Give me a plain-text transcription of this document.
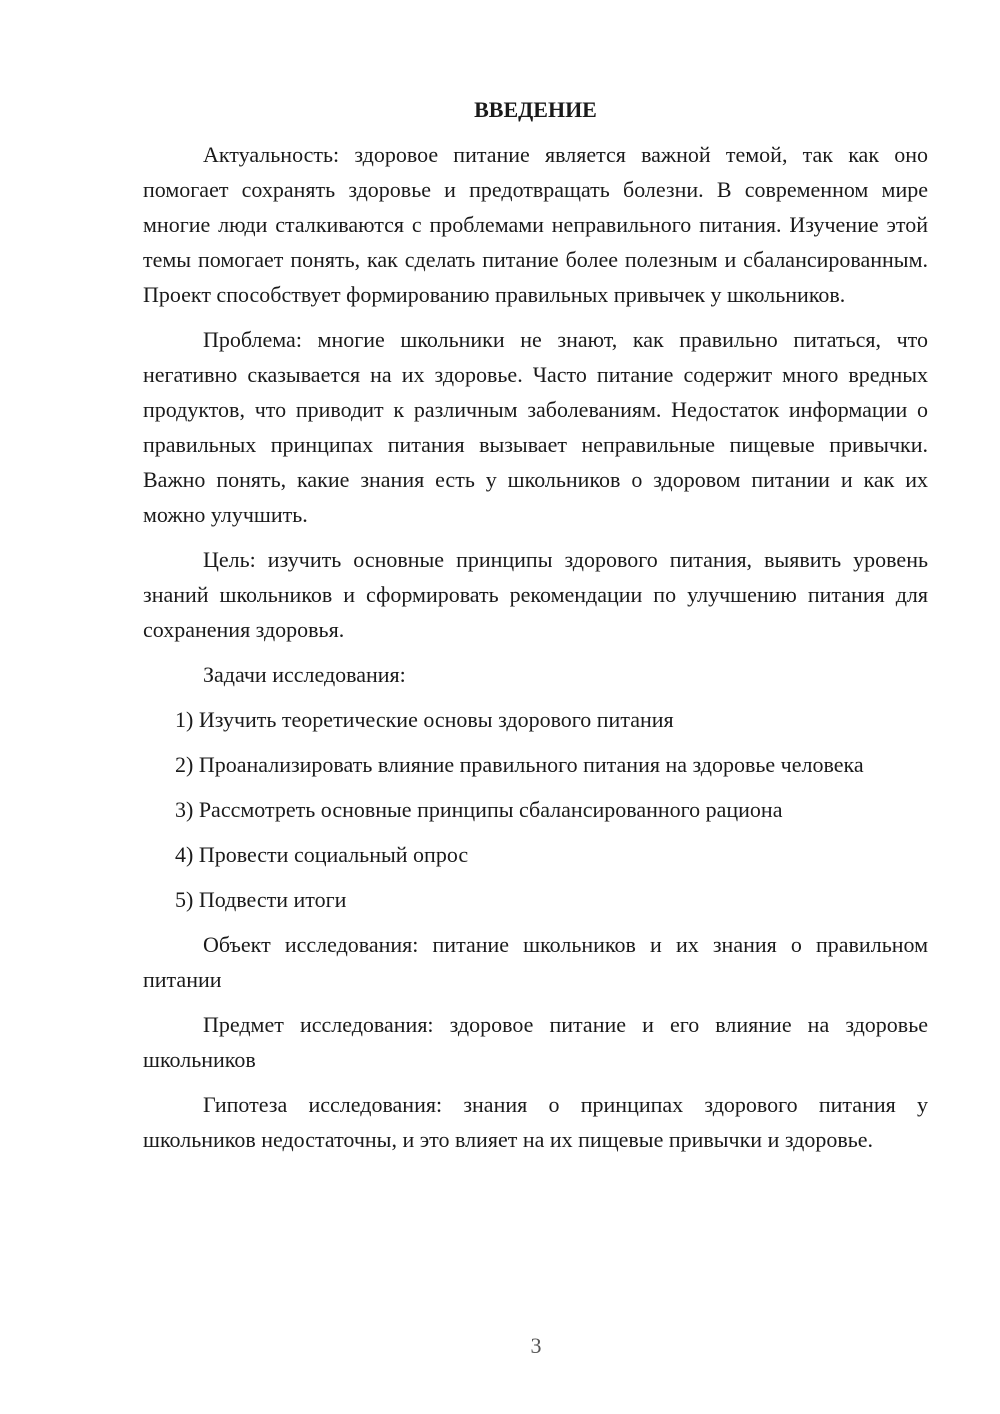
ВВЕДЕНИЕ

Актуальность: здоровое питание является важной темой, так как оно помогает сохранять здоровье и предотвращать болезни. В современном мире многие люди сталкиваются с проблемами неправильного питания. Изучение этой темы помогает понять, как сделать питание более полезным и сбалансированным. Проект способствует формированию правильных привычек у школьников.

Проблема: многие школьники не знают, как правильно питаться, что негативно сказывается на их здоровье. Часто питание содержит много вредных продуктов, что приводит к различным заболеваниям. Недостаток информации о правильных принципах питания вызывает неправильные пищевые привычки. Важно понять, какие знания есть у школьников о здоровом питании и как их можно улучшить.

Цель: изучить основные принципы здорового питания, выявить уровень знаний школьников и сформировать рекомендации по улучшению питания для сохранения здоровья.

Задачи исследования:

1) Изучить теоретические основы здорового питания

2) Проанализировать влияние правильного питания на здоровье человека

3) Рассмотреть основные принципы сбалансированного рациона

4) Провести социальный опрос

5) Подвести итоги

Объект исследования: питание школьников и их знания о правильном питании

Предмет исследования: здоровое питание и его влияние на здоровье школьников

Гипотеза исследования: знания о принципах здорового питания у школьников недостаточны, и это влияет на их пищевые привычки и здоровье.

3
